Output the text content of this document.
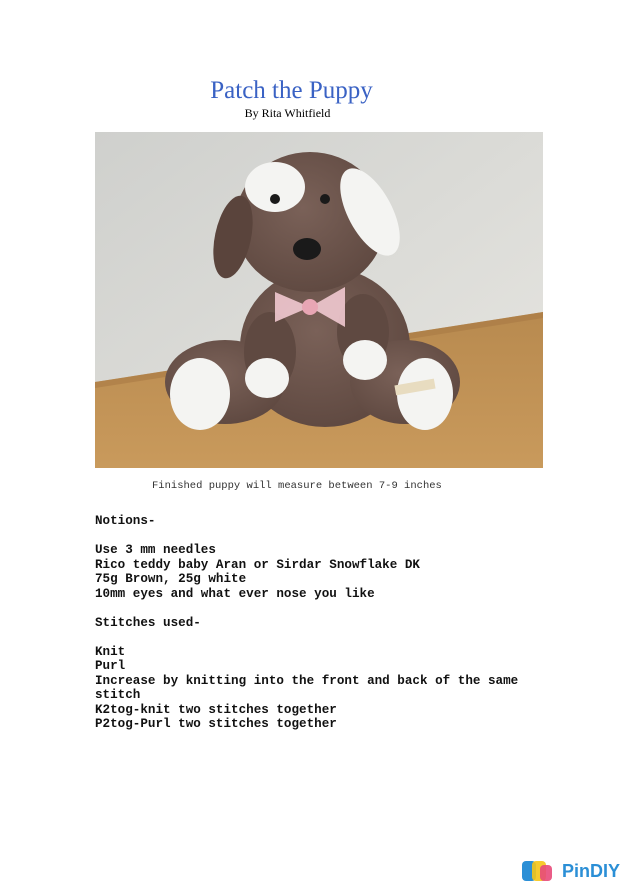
Patch the Puppy
By Rita Whitfield
Finished puppy will measure between 7-9 inches
Notions-
Use 3 mm needles
Rico teddy baby Aran or Sirdar Snowflake DK
75g Brown, 25g white
10mm eyes and what ever nose you like
Stitches used-
Knit
Purl
Increase by knitting into the front and back of the same stitch
K2tog-knit two stitches together
P2tog-Purl two stitches together
PinDIY
